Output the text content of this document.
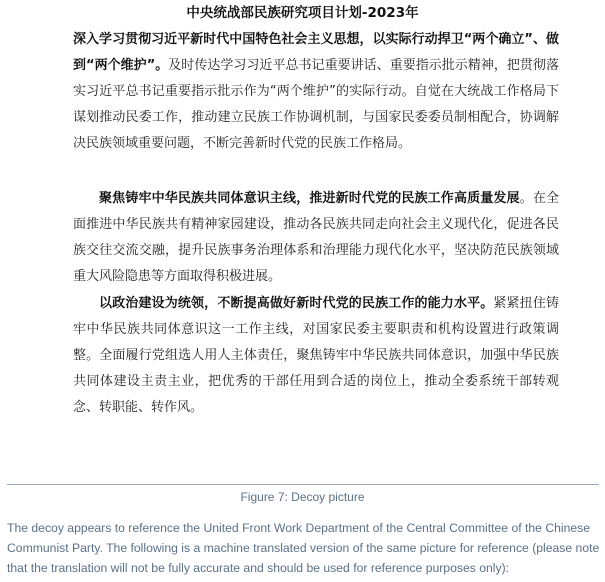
中央统战部民族研究项目计划-2023年
深入学习贯彻习近平新时代中国特色社会主义思想，以实际行动捍卫“两个确立”、做到“两个维护”。及时传达学习习近平总书记重要讲话、重要指示批示精神，把贯彻落实习近平总书记重要指示批示作为“两个维护”的实际行动。自觉在大统战工作格局下谋划推动民委工作，推动建立民族工作协调机制，与国家民委委员制相配合，协调解决民族领域重要问题，不断完善新时代党的民族工作格局。
聚焦铸牢中华民族共同体意识主线，推进新时代党的民族工作高质量发展。在全面推进中华民族共有精神家园建设，推动各民族共同走向社会主义现代化，促进各民族交往交流交融，提升民族事务治理体系和治理能力现代化水平，坚决防范民族领域重大风险隐患等方面取得积极进展。
以政治建设为统领，不断提高做好新时代党的民族工作的能力水平。紧紧扭住铸牢中华民族共同体意识这一工作主线，对国家民委主要职责和机构设置进行政策调整。全面履行党组选人用人主体责任，聚焦铸牢中华民族共同体意识，加强中华民族共同体建设主责主业，把优秀的干部任用到合适的岗位上，推动全委系统干部转观念、转职能、转作风。
Figure 7: Decoy picture
The decoy appears to reference the United Front Work Department of the Central Committee of the Chinese Communist Party. The following is a machine translated version of the same picture for reference (please note that the translation will not be fully accurate and should be used for reference purposes only):
